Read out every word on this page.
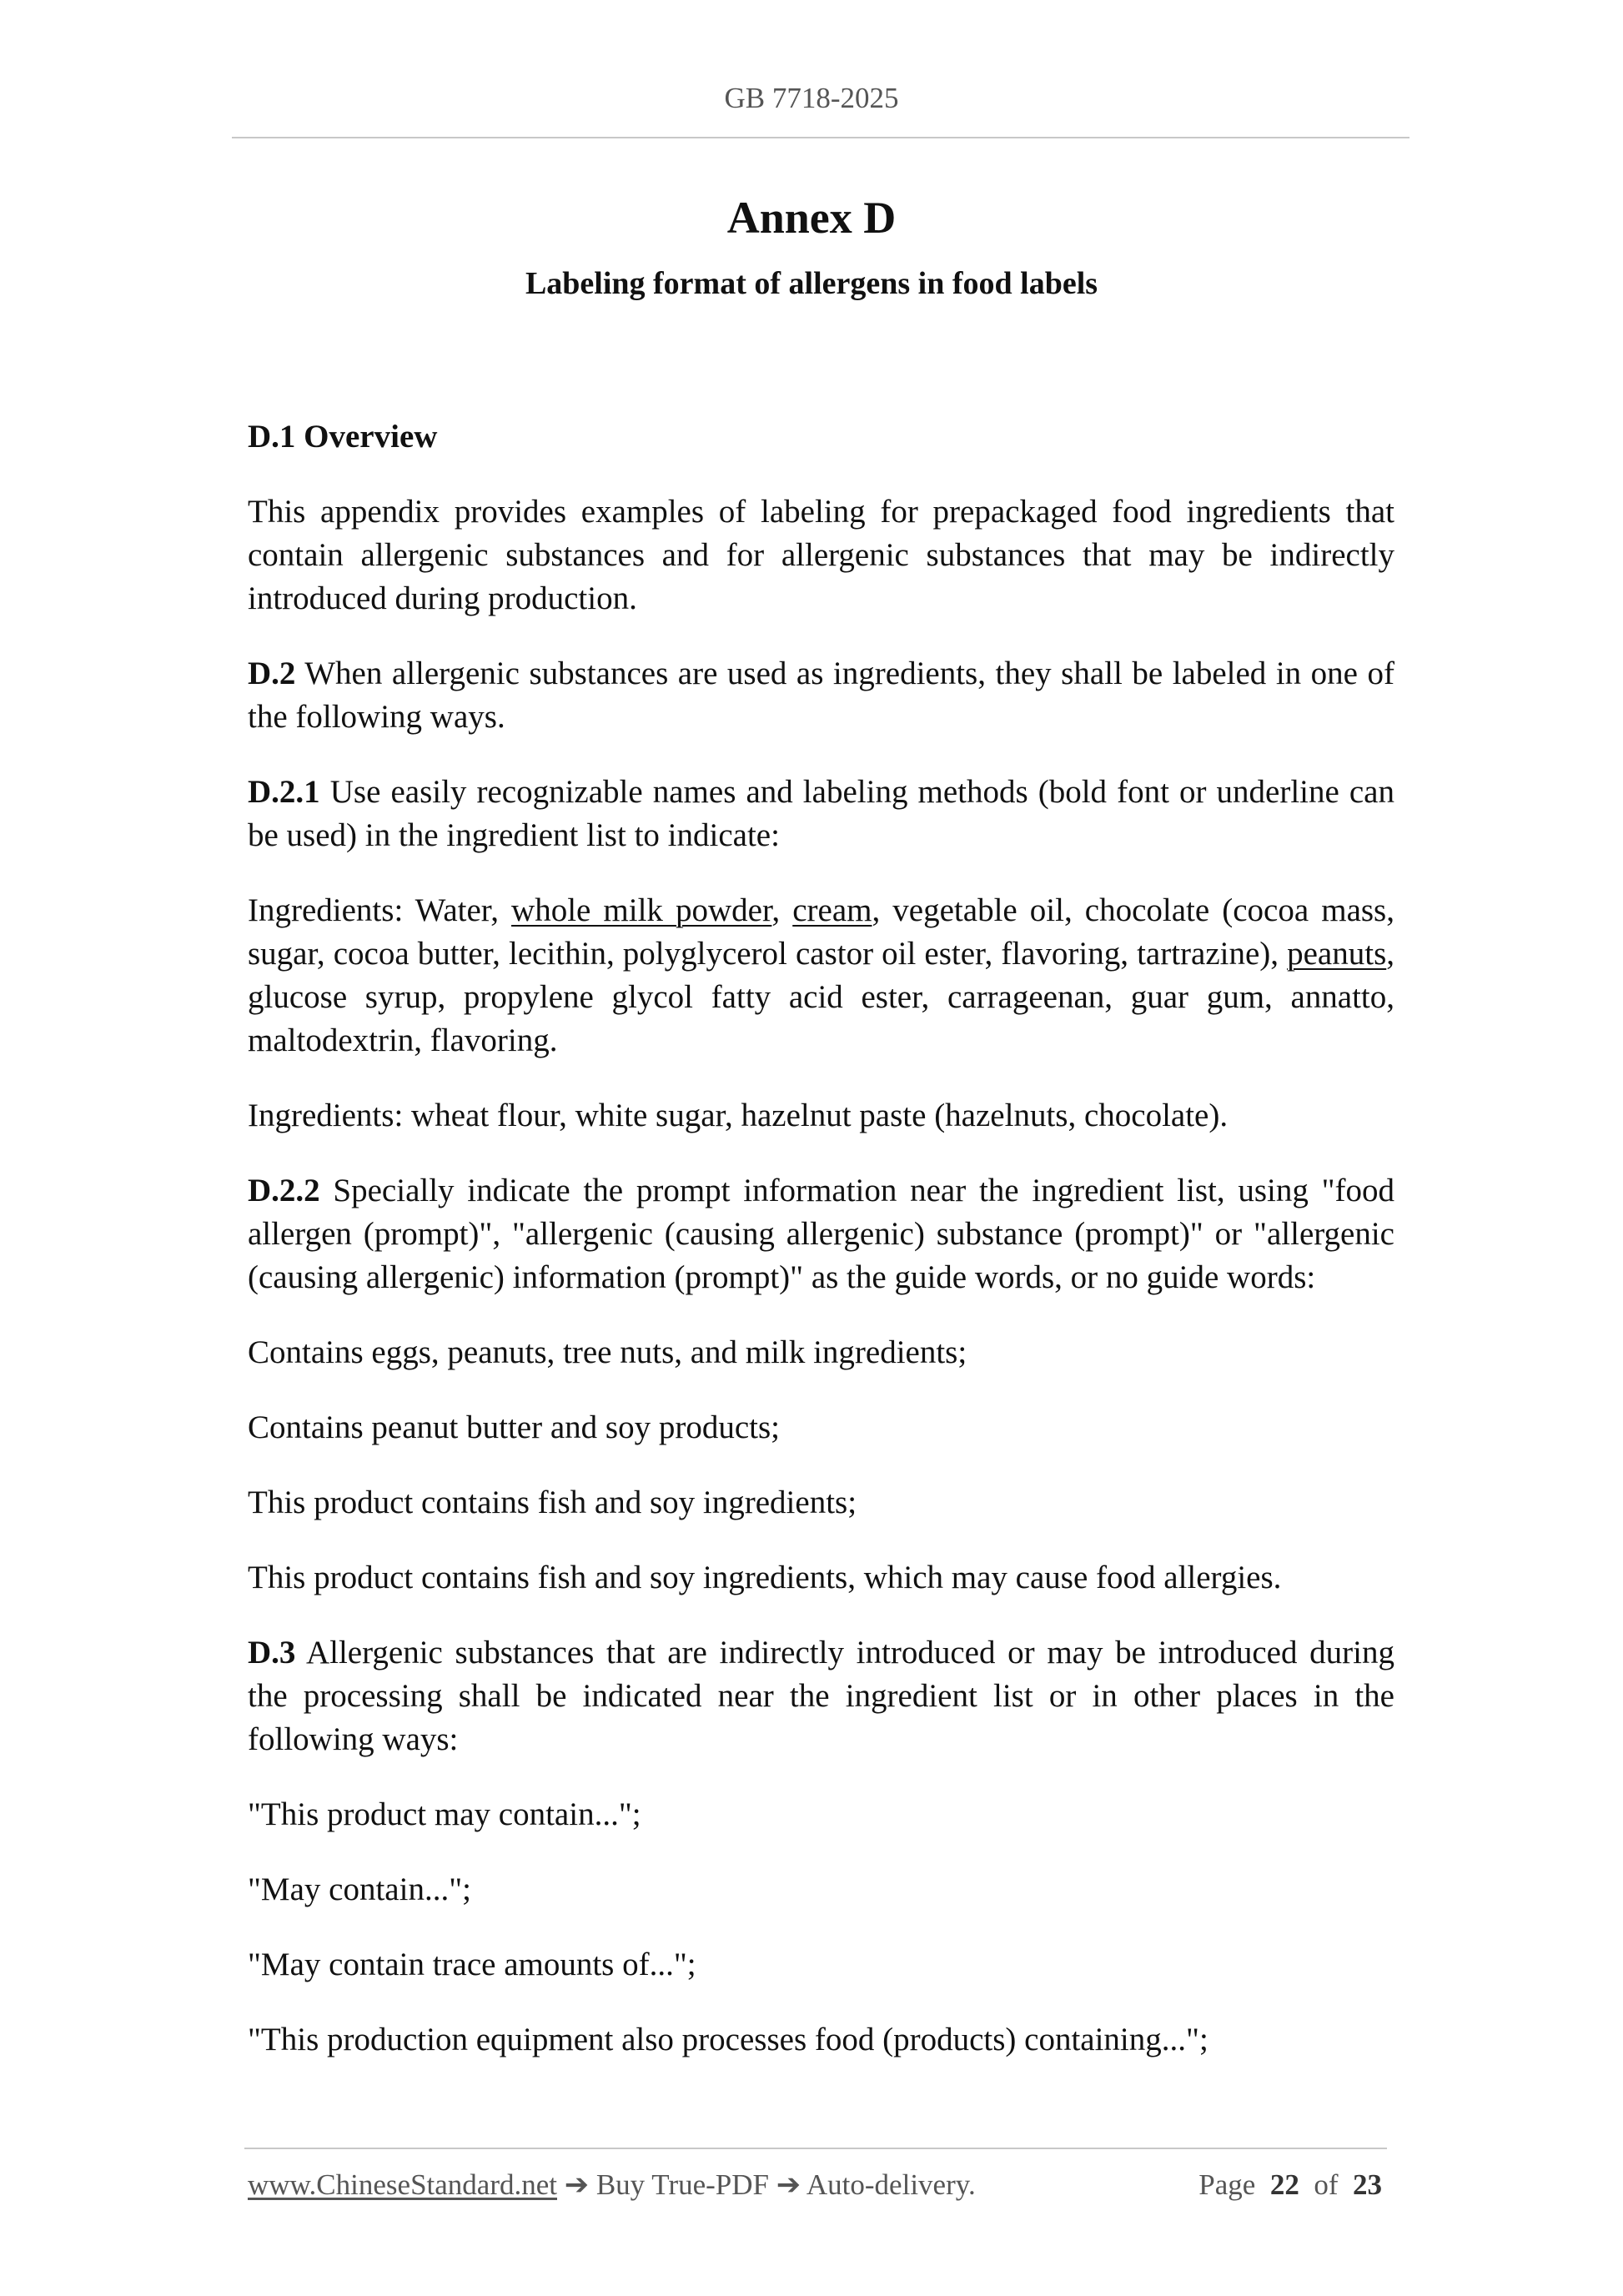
GB 7718-2025
Annex D
Labeling format of allergens in food labels
D.1 Overview

This appendix provides examples of labeling for prepackaged food ingredients that contain allergenic substances and for allergenic substances that may be indirectly introduced during production.

D.2 When allergenic substances are used as ingredients, they shall be labeled in one of the following ways.

D.2.1 Use easily recognizable names and labeling methods (bold font or underline can be used) in the ingredient list to indicate:

Ingredients: Water, whole milk powder, cream, vegetable oil, chocolate (cocoa mass, sugar, cocoa butter, lecithin, polyglycerol castor oil ester, flavoring, tartrazine), peanuts, glucose syrup, propylene glycol fatty acid ester, carrageenan, guar gum, annatto, maltodextrin, flavoring.

Ingredients: wheat flour, white sugar, hazelnut paste (hazelnuts, chocolate).

D.2.2 Specially indicate the prompt information near the ingredient list, using "food allergen (prompt)", "allergenic (causing allergenic) substance (prompt)" or "allergenic (causing allergenic) information (prompt)" as the guide words, or no guide words:

Contains eggs, peanuts, tree nuts, and milk ingredients;

Contains peanut butter and soy products;

This product contains fish and soy ingredients;

This product contains fish and soy ingredients, which may cause food allergies.

D.3 Allergenic substances that are indirectly introduced or may be introduced during the processing shall be indicated near the ingredient list or in other places in the following ways:

"This product may contain...";

"May contain...";

"May contain trace amounts of...";

"This production equipment also processes food (products) containing...";

www.ChineseStandard.net ➔ Buy True-PDF ➔ Auto-delivery.	Page 22 of 23
